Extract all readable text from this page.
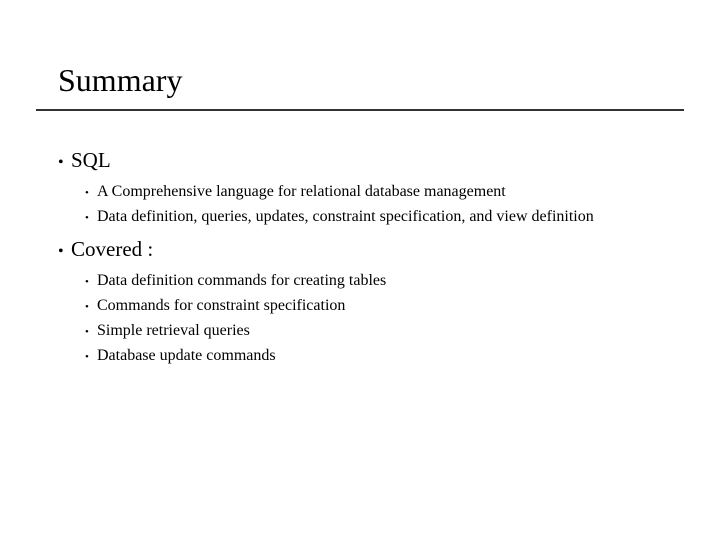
Summary
• SQL
• A Comprehensive language for relational database management
• Data definition, queries, updates, constraint specification, and view definition
• Covered :
• Data definition commands for creating tables
• Commands for constraint specification
• Simple retrieval queries
• Database update commands
